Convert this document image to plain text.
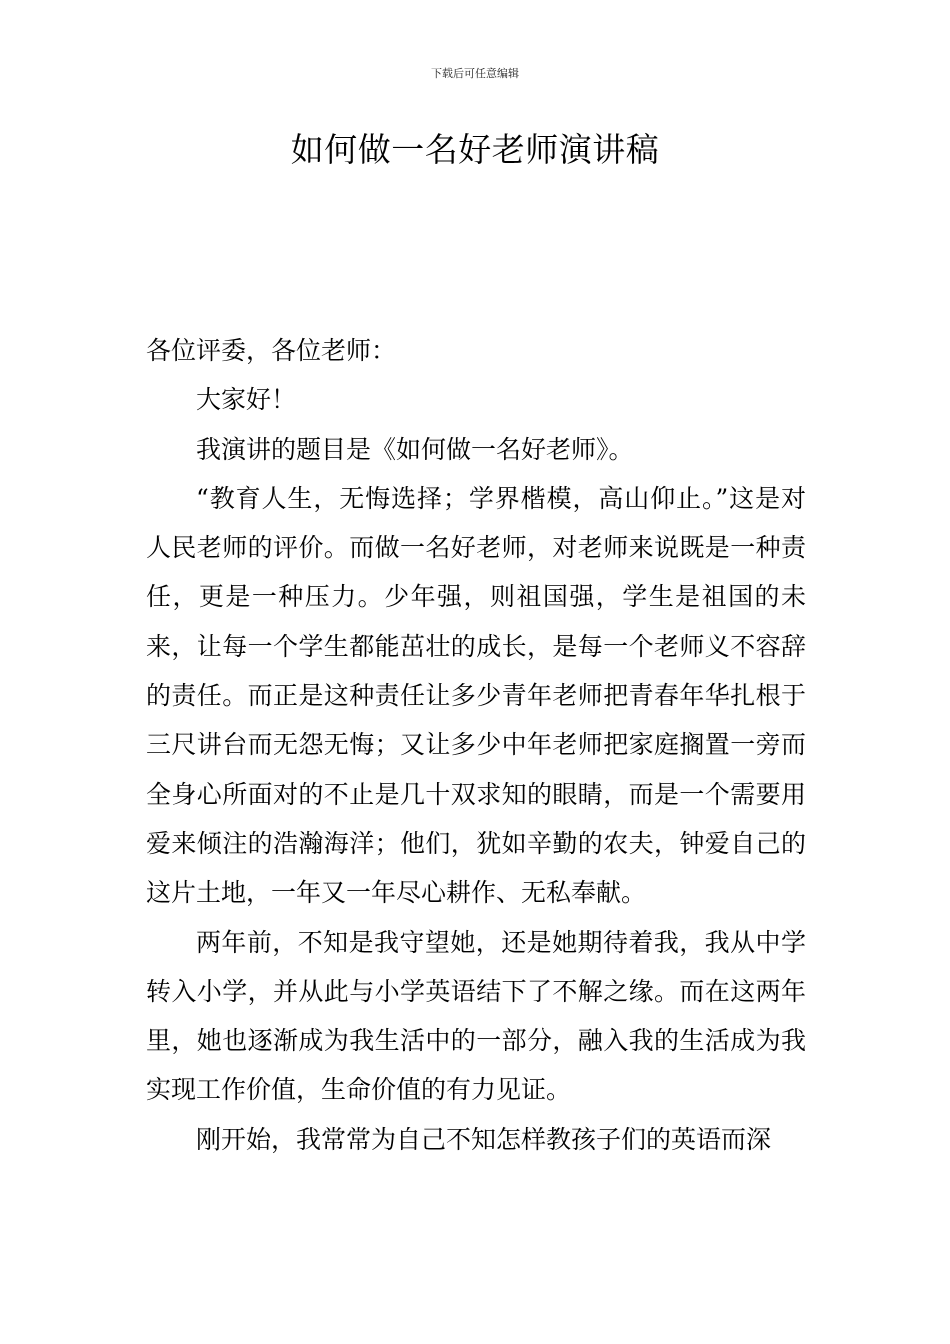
下载后可任意编辑
如何做一名好老师演讲稿

各位评委，各位老师：

大家好！

我演讲的题目是《如何做一名好老师》。

“教育人生，无悔选择；学界楷模，高山仰止。”这是对人民老师的评价。而做一名好老师，对老师来说既是一种责任，更是一种压力。少年强，则祖国强，学生是祖国的未来，让每一个学生都能茁壮的成长，是每一个老师义不容辞的责任。而正是这种责任让多少青年老师把青春年华扎根于三尺讲台而无怨无悔；又让多少中年老师把家庭搁置一旁而全身心所面对的不止是几十双求知的眼睛，而是一个需要用爱来倾注的浩瀚海洋；他们，犹如辛勤的农夫，钟爱自己的这片土地，一年又一年尽心耕作、无私奉献。

两年前，不知是我守望她，还是她期待着我，我从中学转入小学，并从此与小学英语结下了不解之缘。而在这两年里，她也逐渐成为我生活中的一部分，融入我的生活成为我实现工作价值，生命价值的有力见证。

刚开始，我常常为自己不知怎样教孩子们的英语而深
